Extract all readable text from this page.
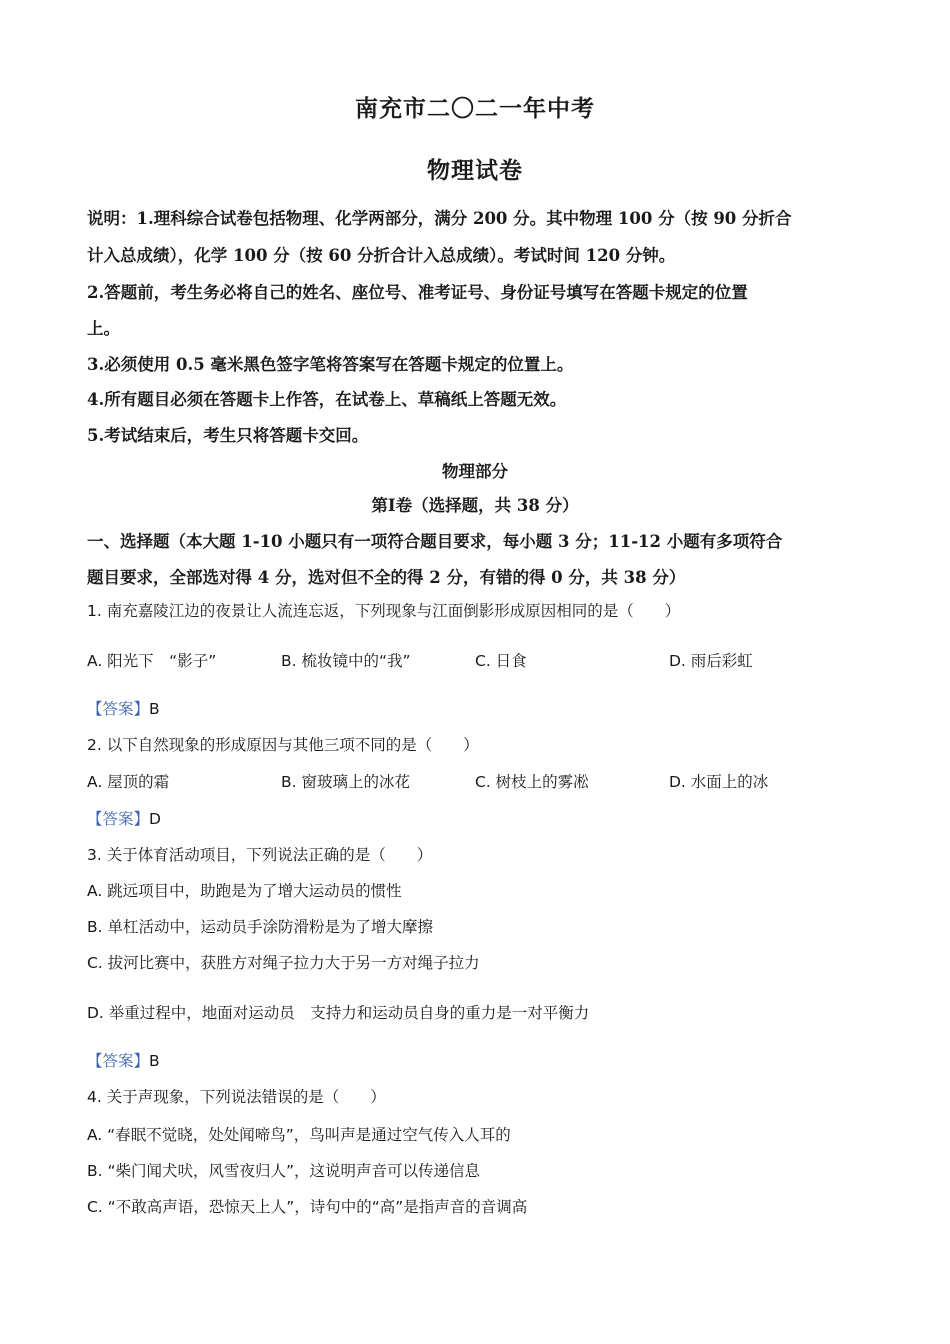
南充市二〇二一年中考
物理试卷
说明：1.理科综合试卷包括物理、化学两部分，满分 200 分。其中物理 100 分（按 90 分折合
计入总成绩），化学 100 分（按 60 分折合计入总成绩）。考试时间 120 分钟。
2.答题前，考生务必将自己的姓名、座位号、准考证号、身份证号填写在答题卡规定的位置
上。
3.必须使用 0.5 毫米黑色签字笔将答案写在答题卡规定的位置上。
4.所有题目必须在答题卡上作答，在试卷上、草稿纸上答题无效。
5.考试结束后，考生只将答题卡交回。
物理部分
第Ⅰ卷（选择题，共 38 分）
一、选择题（本大题 1-10 小题只有一项符合题目要求，每小题 3 分；11-12 小题有多项符合
题目要求，全部选对得 4 分，选对但不全的得 2 分，有错的得 0 分，共 38 分）
1. 南充嘉陵江边的夜景让人流连忘返，下列现象与江面倒影形成原因相同的是（　　）
A. 阳光下　“影子”	B. 梳妆镜中的“我”	C. 日食	D. 雨后彩虹
【答案】B
2. 以下自然现象的形成原因与其他三项不同的是（　　）
A. 屋顶的霜	B. 窗玻璃上的冰花	C. 树枝上的雾凇	D. 水面上的冰
【答案】D
3. 关于体育活动项目，下列说法正确的是（　　）
A. 跳远项目中，助跑是为了增大运动员的惯性
B. 单杠活动中，运动员手涂防滑粉是为了增大摩擦
C. 拔河比赛中，获胜方对绳子拉力大于另一方对绳子拉力
D. 举重过程中，地面对运动员　支持力和运动员自身的重力是一对平衡力
【答案】B
4. 关于声现象，下列说法错误的是（　　）
A. “春眠不觉晓，处处闻啼鸟”，鸟叫声是通过空气传入人耳的
B. “柴门闻犬吠，风雪夜归人”，这说明声音可以传递信息
C. “不敢高声语，恐惊天上人”，诗句中的“高”是指声音的音调高
